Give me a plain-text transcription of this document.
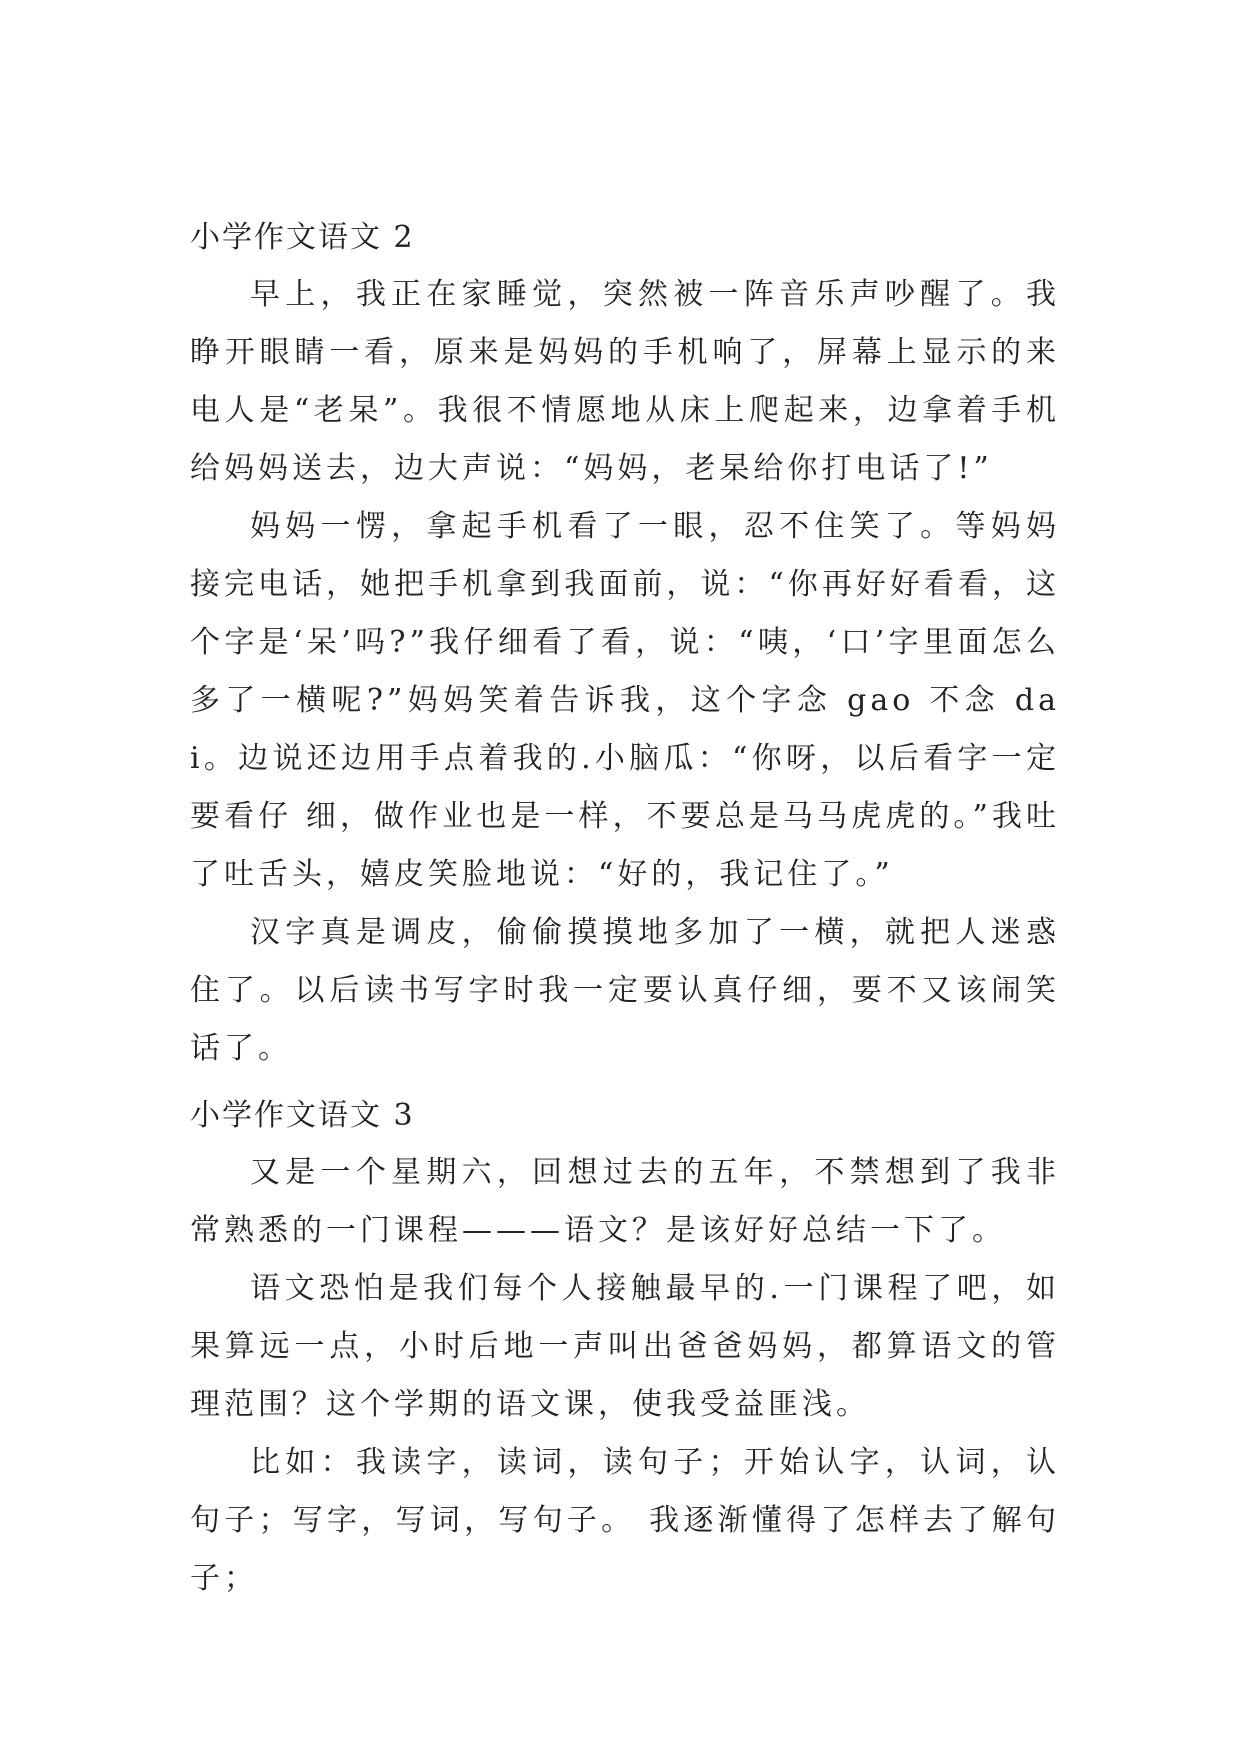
小学作文语文 2

早上，我正在家睡觉，突然被一阵音乐声吵醒了。我睁开眼睛一看，原来是妈妈的手机响了，屏幕上显示的来电人是“老杲”。我很不情愿地从床上爬起来，边拿着手机给妈妈送去，边大声说：“妈妈，老杲给你打电话了!”

妈妈一愣，拿起手机看了一眼，忍不住笑了。等妈妈接完电话，她把手机拿到我面前，说：“你再好好看看，这个字是‘呆’吗?”我仔细看了看，说：“咦，‘口’字里面怎么多了一横呢?”妈妈笑着告诉我，这个字念 gao 不念 dai。边说还边用手点着我的.小脑瓜：“你呀，以后看字一定要看仔 细，做作业也是一样，不要总是马马虎虎的。”我吐了吐舌头，嬉皮笑脸地说：“好的，我记住了。”

汉字真是调皮，偷偷摸摸地多加了一横，就把人迷惑住了。以后读书写字时我一定要认真仔细，要不又该闹笑话了。

小学作文语文 3

又是一个星期六，回想过去的五年，不禁想到了我非常熟悉的一门课程———语文？是该好好总结一下了。

语文恐怕是我们每个人接触最早的.一门课程了吧，如果算远一点，小时后地一声叫出爸爸妈妈，都算语文的管理范围？这个学期的语文课，使我受益匪浅。

比如：我读字，读词，读句子；开始认字，认词，认句子；写字，写词，写句子。 我逐渐懂得了怎样去了解句子；
